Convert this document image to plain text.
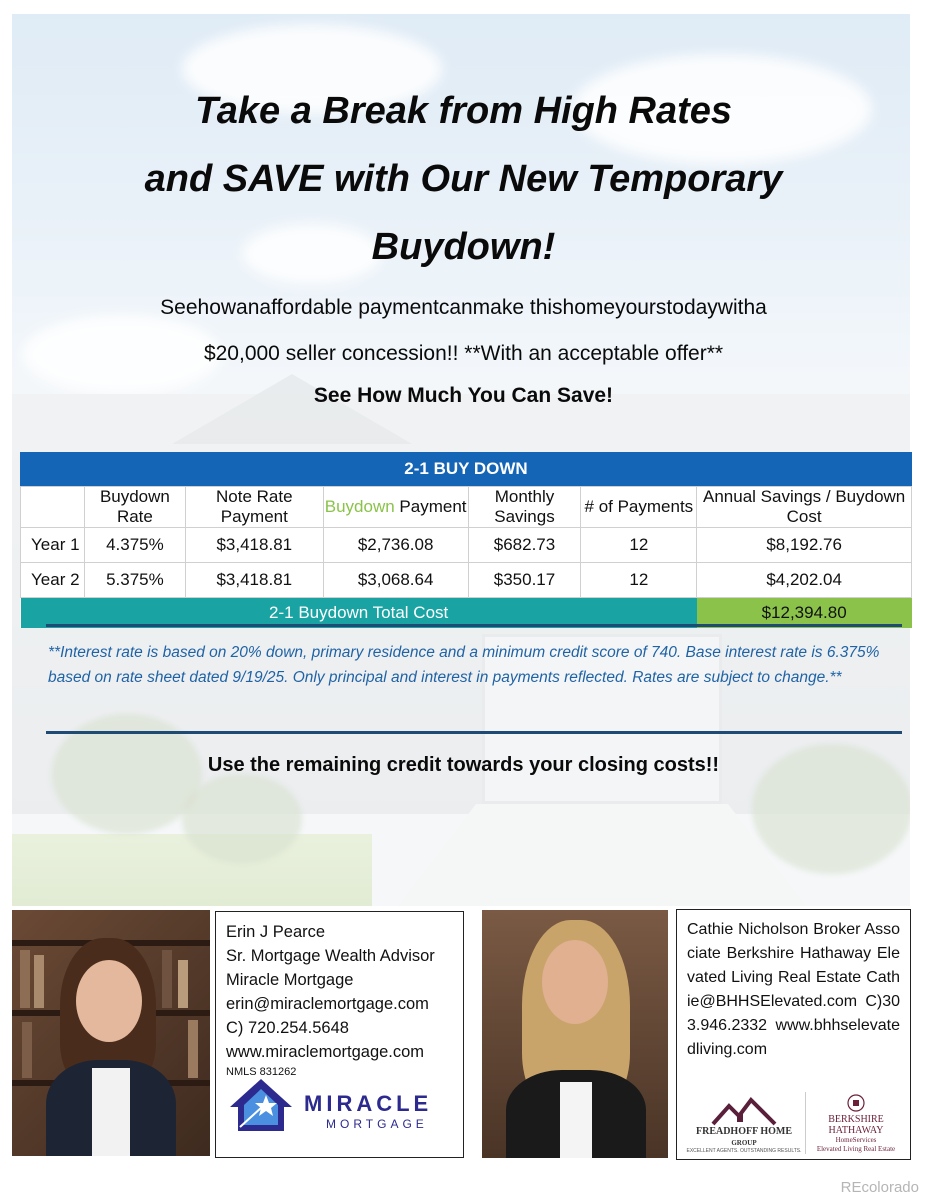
Take a Break from High Rates
and SAVE with Our New Temporary
Buydown!
Seehowanaffordable paymentcanmake thishomeyourstodaywitha
$20,000 seller concession!! **With an acceptable offer**
See How Much You Can Save!
2-1 BUY DOWN
	Buydown Rate	Note Rate Payment	Buydown Payment	Monthly Savings	# of Payments	Annual Savings / Buydown Cost
Year 1	4.375%	$3,418.81	$2,736.08	$682.73	12	$8,192.76
Year 2	5.375%	$3,418.81	$3,068.64	$350.17	12	$4,202.04
2-1 Buydown Total Cost						$12,394.80
**Interest rate is based on 20% down, primary residence and a minimum credit score of 740. Base interest rate is 6.375% based on rate sheet dated 9/19/25. Only principal and interest in payments reflected. Rates are subject to change.**
Use the remaining credit towards your closing costs!!
Erin J Pearce
Sr. Mortgage Wealth Advisor
Miracle Mortgage
erin@miraclemortgage.com
C) 720.254.5648
www.miraclemortgage.com
NMLS 831262
MIRACLE
MORTGAGE
Cathie Nicholson Broker Associate Berkshire Hathaway Elevated Living Real Estate Cathie@BHHSElevated.com C)303.946.2332 www.bhhselevatedliving.com
FREADHOFF HOME
GROUP
EXCELLENT AGENTS. OUTSTANDING RESULTS.
BERKSHIRE
HATHAWAY
HomeServices
Elevated Living Real Estate
REcolorado
